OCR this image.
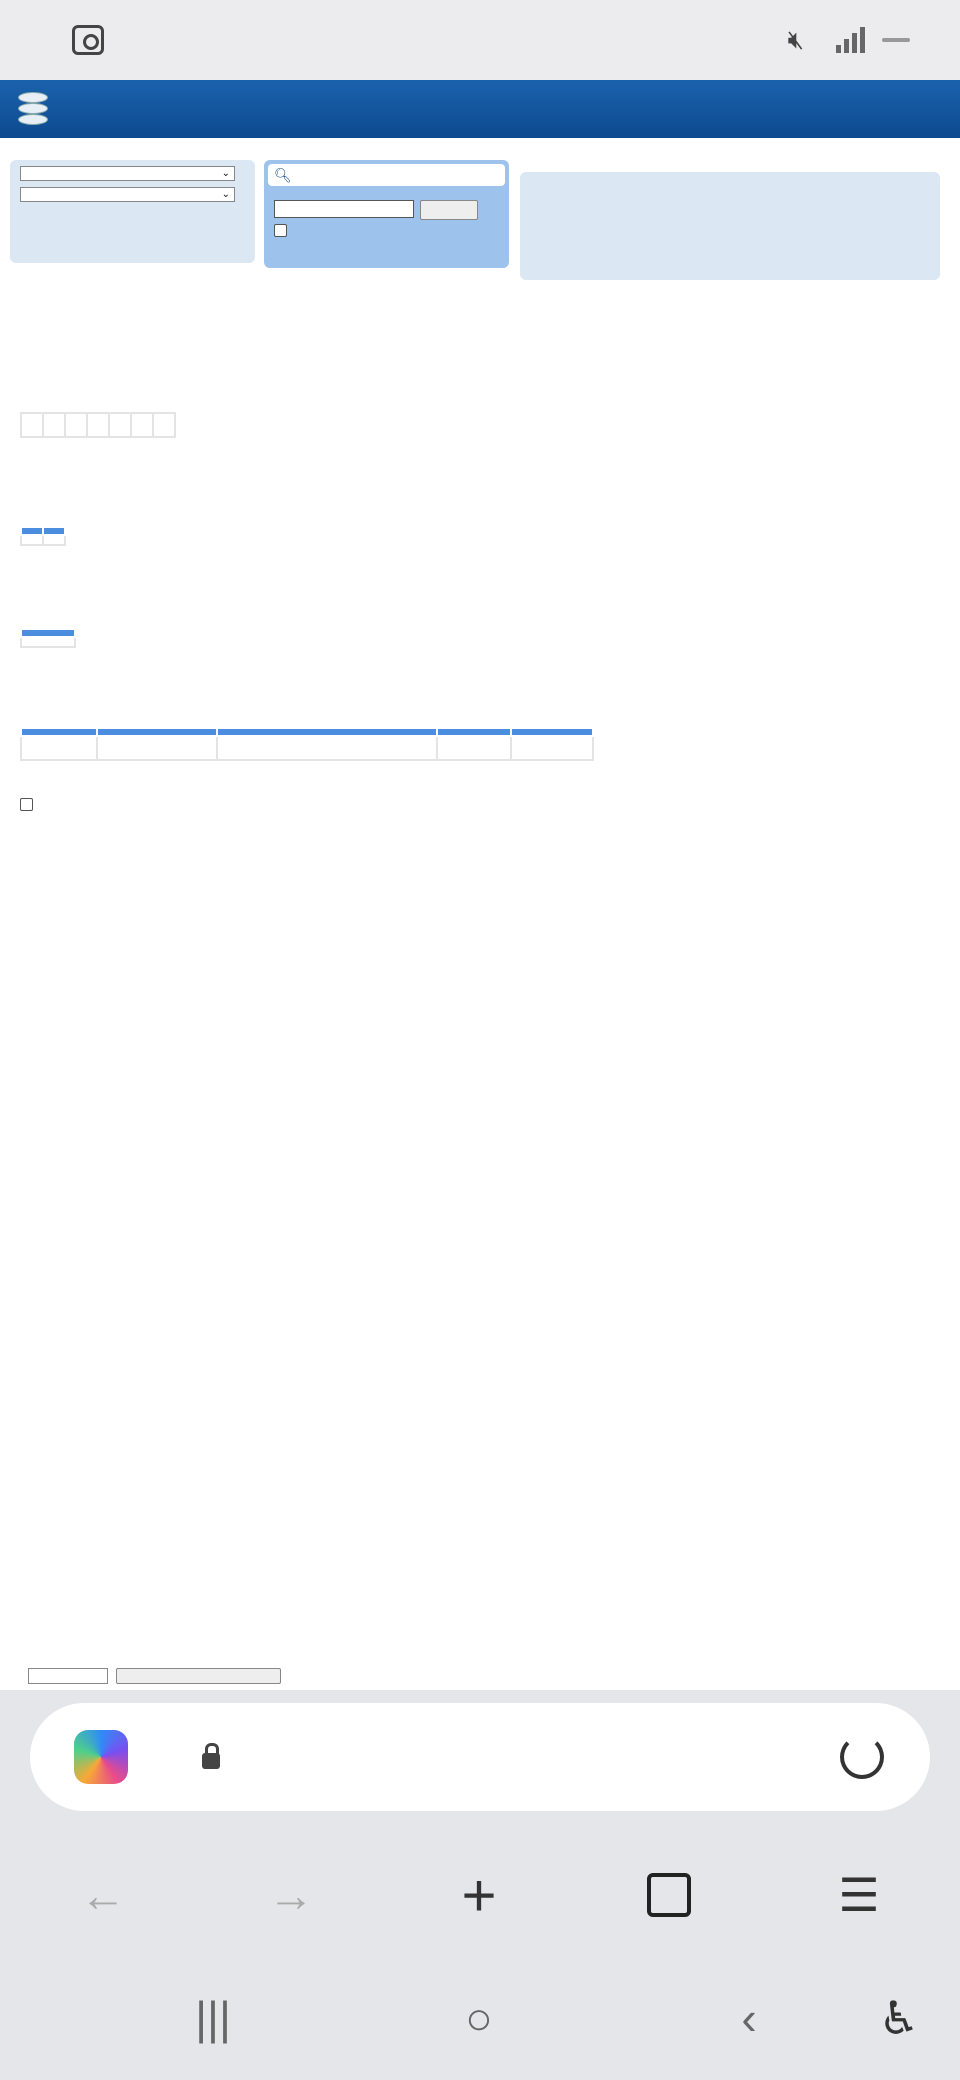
🔇︎
⌄
⌄
🔍︎

←	→ +	☰
|||	○	‹	♿︎
